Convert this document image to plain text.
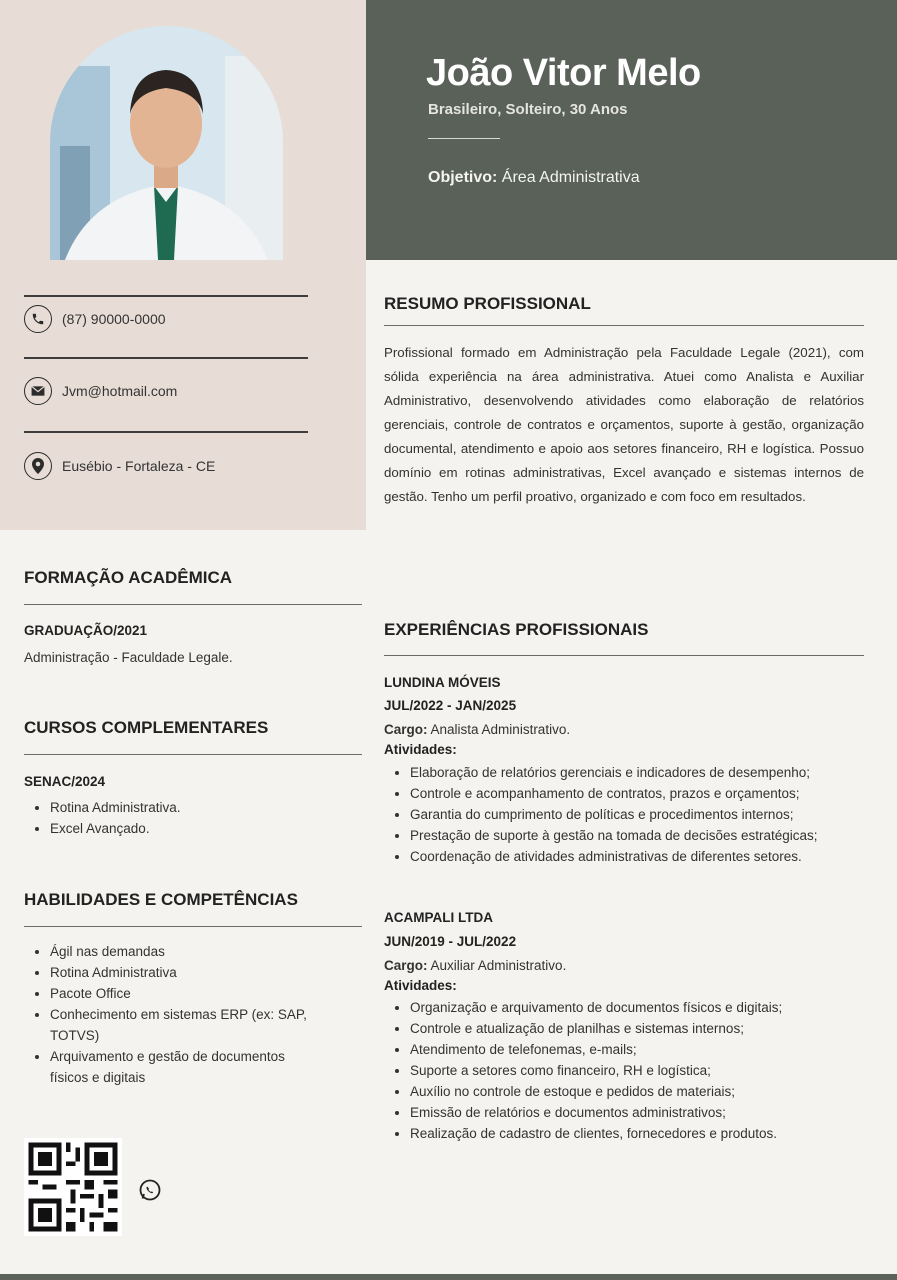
João Vitor Melo
Brasileiro, Solteiro, 30 Anos
Objetivo: Área Administrativa
(87) 90000-0000
Jvm@hotmail.com
Eusébio - Fortaleza - CE
RESUMO PROFISSIONAL

Profissional formado em Administração pela Faculdade Legale (2021), com sólida experiência na área administrativa. Atuei como Analista e Auxiliar Administrativo, desenvolvendo atividades como elaboração de relatórios gerenciais, controle de contratos e orçamentos, suporte à gestão, organização documental, atendimento e apoio aos setores financeiro, RH e logística. Possuo domínio em rotinas administrativas, Excel avançado e sistemas internos de gestão. Tenho um perfil proativo, organizado e com foco em resultados.

FORMAÇÃO ACADÊMICA
GRADUAÇÃO/2021
Administração - Faculdade Legale.
CURSOS COMPLEMENTARES
SENAC/2024
• Rotina Administrativa.
• Excel Avançado.
HABILIDADES E COMPETÊNCIAS
• Ágil nas demandas
• Rotina Administrativa
• Pacote Office
• Conhecimento em sistemas ERP (ex: SAP, TOTVS)
• Arquivamento e gestão de documentos físicos e digitais
EXPERIÊNCIAS PROFISSIONAIS
LUNDINA MÓVEIS
JUL/2022 - JAN/2025
Cargo: Analista Administrativo.
Atividades:
• Elaboração de relatórios gerenciais e indicadores de desempenho;
• Controle e acompanhamento de contratos, prazos e orçamentos;
• Garantia do cumprimento de políticas e procedimentos internos;
• Prestação de suporte à gestão na tomada de decisões estratégicas;
• Coordenação de atividades administrativas de diferentes setores.
ACAMPALI LTDA
JUN/2019 - JUL/2022
Cargo: Auxiliar Administrativo.
Atividades:
• Organização e arquivamento de documentos físicos e digitais;
• Controle e atualização de planilhas e sistemas internos;
• Atendimento de telefonemas, e-mails;
• Suporte a setores como financeiro, RH e logística;
• Auxílio no controle de estoque e pedidos de materiais;
• Emissão de relatórios e documentos administrativos;
• Realização de cadastro de clientes, fornecedores e produtos.
